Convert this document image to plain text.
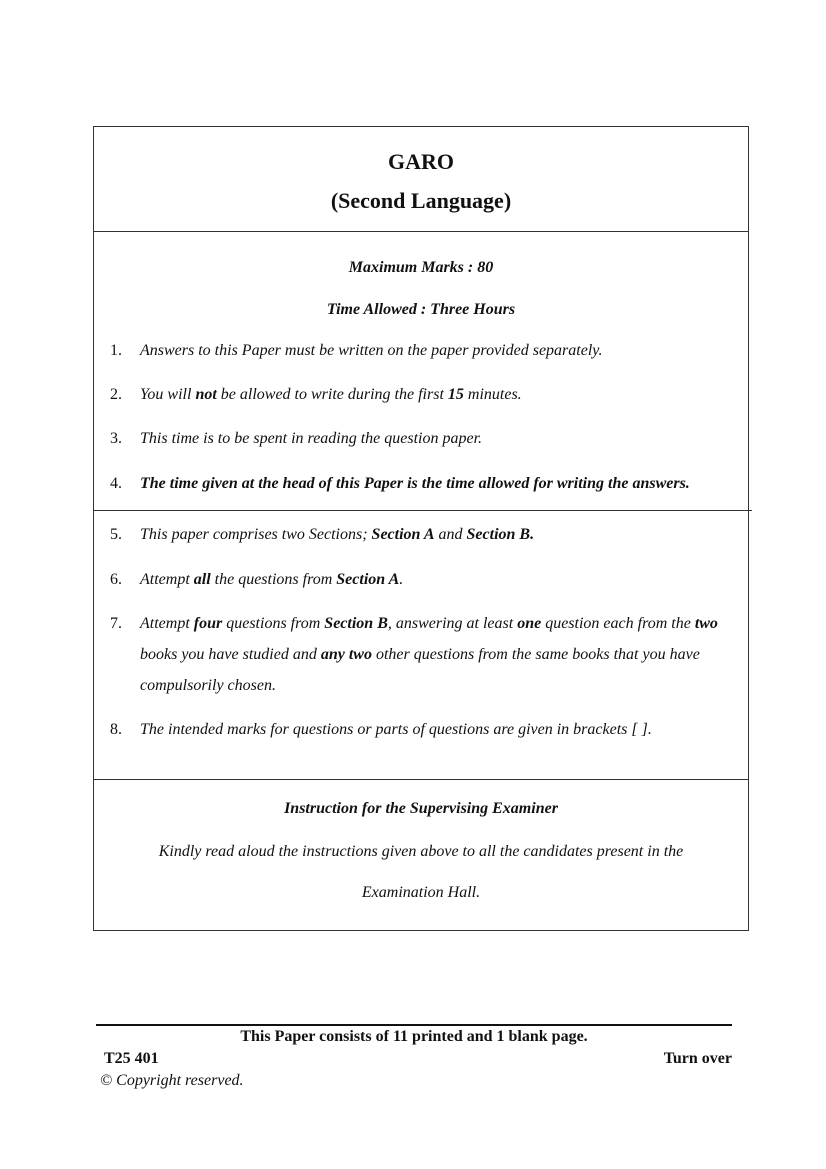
GARO
(Second Language)
Maximum Marks : 80
Time Allowed : Three Hours
1. Answers to this Paper must be written on the paper provided separately.
2. You will not be allowed to write during the first 15 minutes.
3. This time is to be spent in reading the question paper.
4. The time given at the head of this Paper is the time allowed for writing the answers.
5. This paper comprises two Sections; Section A and Section B.
6. Attempt all the questions from Section A.
7. Attempt four questions from Section B, answering at least one question each from the two books you have studied and any two other questions from the same books that you have compulsorily chosen.
8. The intended marks for questions or parts of questions are given in brackets [ ].
Instruction for the Supervising Examiner
Kindly read aloud the instructions given above to all the candidates present in the
Examination Hall.
This Paper consists of 11 printed and 1 blank page.
T25 401	Turn over
© Copyright reserved.
